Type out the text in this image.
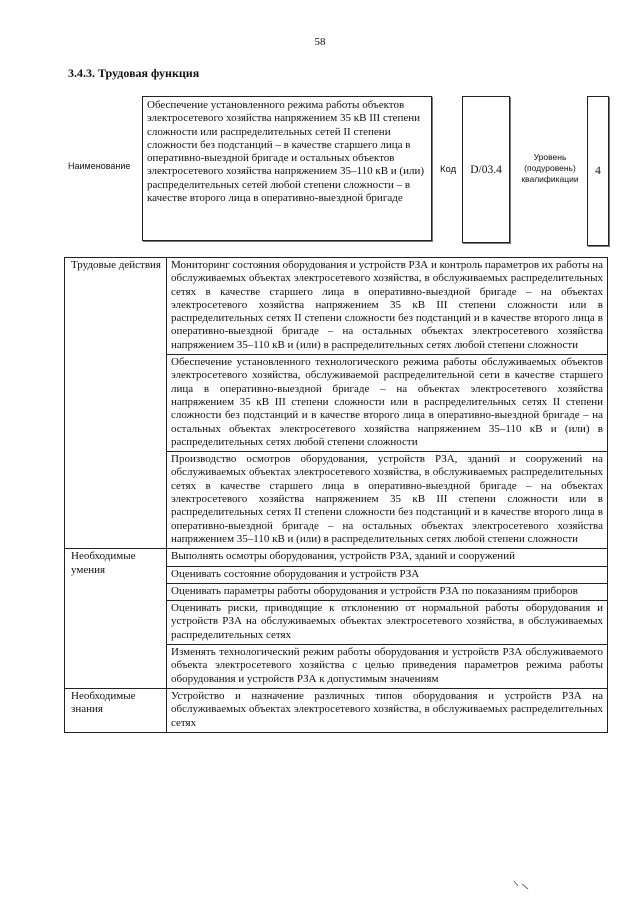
58
3.4.3. Трудовая функция
Наименование
Обеспечение установленного режима работы объектов электросетевого хозяйства напряжением 35 кВ III степени сложности или распределительных сетей II степени сложности без подстанций – в качестве старшего лица в оперативно-выездной бригаде и остальных объектов электросетевого хозяйства напряжением 35–110 кВ и (или) распределительных сетей любой степени сложности – в качестве второго лица в оперативно-выездной бригаде
Код	D/03.4
Уровень (подуровень) квалификации
4
Трудовые действия	Мониторинг состояния оборудования и устройств РЗА и контроль параметров их работы на обслуживаемых объектах электросетевого хозяйства, в обслуживаемых распределительных сетях в качестве старшего лица в оперативно-выездной бригаде – на объектах электросетевого хозяйства напряжением 35 кВ III степени сложности или в распределительных сетях II степени сложности без подстанций и в качестве второго лица в оперативно-выездной бригаде – на остальных объектах электросетевого хозяйства напряжением 35–110 кВ и (или) в распределительных сетях любой степени сложности
	Обеспечение установленного технологического режима работы обслуживаемых объектов электросетевого хозяйства, обслуживаемой распределительной сети в качестве старшего лица в оперативно-выездной бригаде – на объектах электросетевого хозяйства напряжением 35 кВ III степени сложности или в распределительных сетях II степени сложности без подстанций и в качестве второго лица в оперативно-выездной бригаде – на остальных объектах электросетевого хозяйства напряжением 35–110 кВ и (или) в распределительных сетях любой степени сложности
	Производство осмотров оборудования, устройств РЗА, зданий и сооружений на обслуживаемых объектах электросетевого хозяйства, в обслуживаемых распределительных сетях в качестве старшего лица в оперативно-выездной бригаде – на объектах электросетевого хозяйства напряжением 35 кВ III степени сложности или в распределительных сетях II степени сложности без подстанций и в качестве второго лица в оперативно-выездной бригаде – на остальных объектах электросетевого хозяйства напряжением 35–110 кВ и (или) в распределительных сетях любой степени сложности
Необходимые умения	Выполнять осмотры оборудования, устройств РЗА, зданий и сооружений
	Оценивать состояние оборудования и устройств РЗА
	Оценивать параметры работы оборудования и устройств РЗА по показаниям приборов
	Оценивать риски, приводящие к отклонению от нормальной работы оборудования и устройств РЗА на обслуживаемых объектах электросетевого хозяйства, в обслуживаемых распределительных сетях
	Изменять технологический режим работы оборудования и устройств РЗА обслуживаемого объекта электросетевого хозяйства с целью приведения параметров режима работы оборудования и устройств РЗА к допустимым значениям
Необходимые знания	Устройство и назначение различных типов оборудования и устройств РЗА на обслуживаемых объектах электросетевого хозяйства, в обслуживаемых распределительных сетях
